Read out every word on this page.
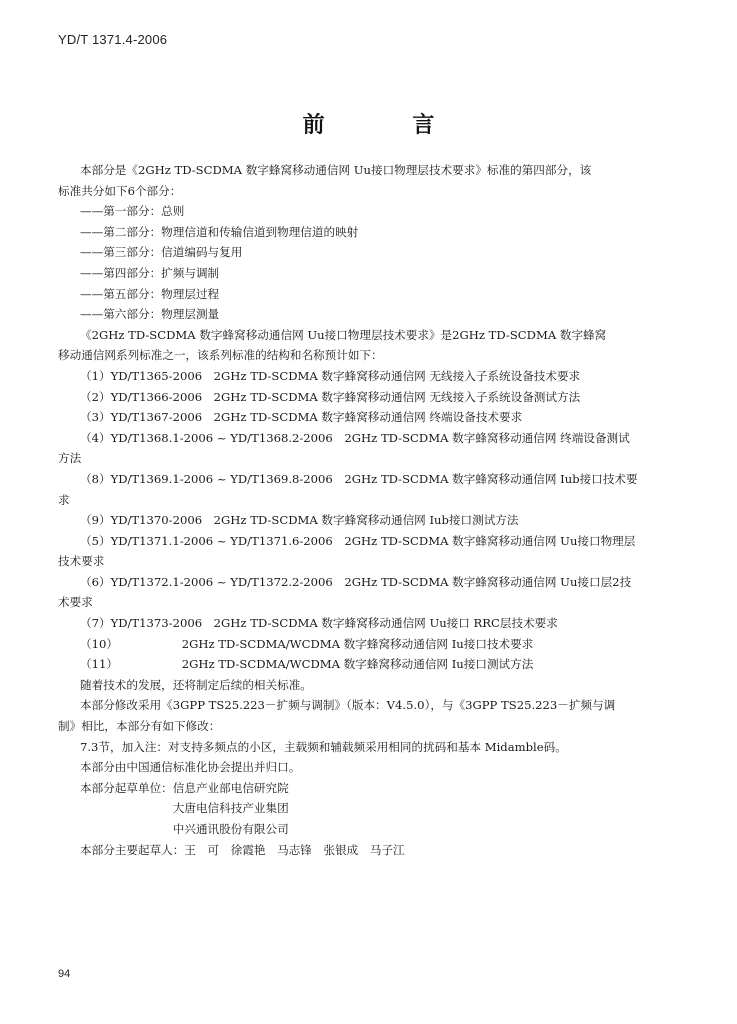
YD/T 1371.4-2006
前 言

本部分是《2GHz TD-SCDMA 数字蜂窝移动通信网 Uu接口物理层技术要求》标准的第四部分，该

标准共分如下6个部分：

——第一部分：总则

——第二部分：物理信道和传输信道到物理信道的映射

——第三部分：信道编码与复用

——第四部分：扩频与调制

——第五部分：物理层过程

——第六部分：物理层测量

《2GHz TD-SCDMA 数字蜂窝移动通信网 Uu接口物理层技术要求》是2GHz TD-SCDMA 数字蜂窝

移动通信网系列标准之一，该系列标准的结构和名称预计如下：

（1）YD/T1365-2006　2GHz TD-SCDMA 数字蜂窝移动通信网 无线接入子系统设备技术要求

（2）YD/T1366-2006　2GHz TD-SCDMA 数字蜂窝移动通信网 无线接入子系统设备测试方法

（3）YD/T1367-2006　2GHz TD-SCDMA 数字蜂窝移动通信网 终端设备技术要求

（4）YD/T1368.1-2006 ~ YD/T1368.2-2006　2GHz TD-SCDMA 数字蜂窝移动通信网 终端设备测试

方法

（8）YD/T1369.1-2006 ~ YD/T1369.8-2006　2GHz TD-SCDMA 数字蜂窝移动通信网 Iub接口技术要

求

（9）YD/T1370-2006　2GHz TD-SCDMA 数字蜂窝移动通信网 Iub接口测试方法

（5）YD/T1371.1-2006 ~ YD/T1371.6-2006　2GHz TD-SCDMA 数字蜂窝移动通信网 Uu接口物理层

技术要求

（6）YD/T1372.1-2006 ~ YD/T1372.2-2006　2GHz TD-SCDMA 数字蜂窝移动通信网 Uu接口层2技

术要求

（7）YD/T1373-2006　2GHz TD-SCDMA 数字蜂窝移动通信网 Uu接口 RRC层技术要求

（10）　　　　　　2GHz TD-SCDMA/WCDMA 数字蜂窝移动通信网 Iu接口技术要求

（11）　　　　　　2GHz TD-SCDMA/WCDMA 数字蜂窝移动通信网 Iu接口测试方法

随着技术的发展，还将制定后续的相关标准。

本部分修改采用《3GPP TS25.223－扩频与调制》（版本：V4.5.0），与《3GPP TS25.223－扩频与调

制》相比，本部分有如下修改：

7.3节，加入注：对支持多频点的小区，主载频和辅载频采用相同的扰码和基本 Midamble码。

本部分由中国通信标准化协会提出并归口。

本部分起草单位：信息产业部电信研究院

　　　　　　　　大唐电信科技产业集团

　　　　　　　　中兴通讯股份有限公司

本部分主要起草人：王　可　徐霞艳　马志锋　张银成　马子江

94
